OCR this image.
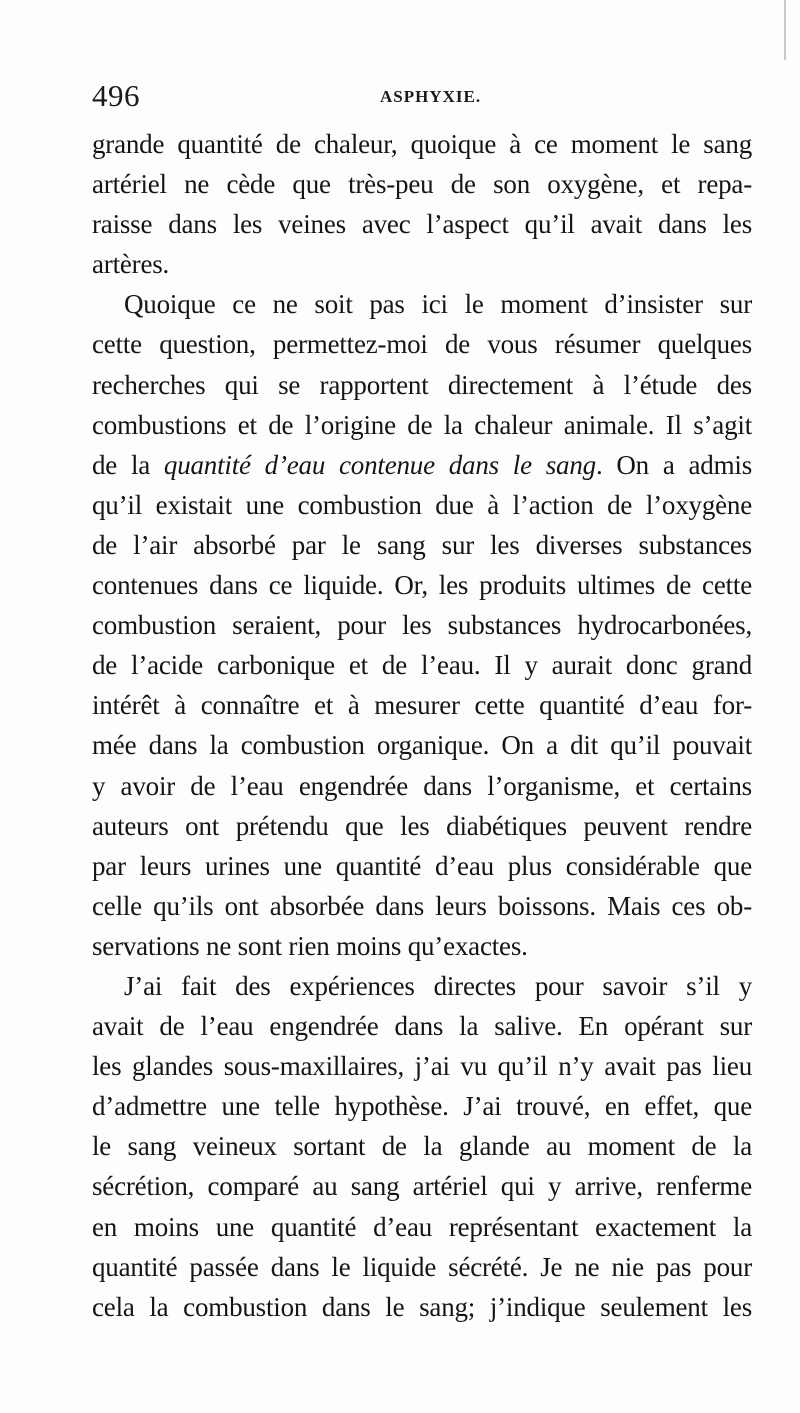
496	ASPHYXIE.
grande quantité de chaleur, quoique à ce moment le sang
artériel ne cède que très-peu de son oxygène, et repa-
raisse dans les veines avec l’aspect qu’il avait dans les
artères.
Quoique ce ne soit pas ici le moment d’insister sur
cette question, permettez-moi de vous résumer quelques
recherches qui se rapportent directement à l’étude des
combustions et de l’origine de la chaleur animale. Il s’agit
de la quantité d’eau contenue dans le sang. On a admis
qu’il existait une combustion due à l’action de l’oxygène
de l’air absorbé par le sang sur les diverses substances
contenues dans ce liquide. Or, les produits ultimes de cette
combustion seraient, pour les substances hydrocarbonées,
de l’acide carbonique et de l’eau. Il y aurait donc grand
intérêt à connaître et à mesurer cette quantité d’eau for-
mée dans la combustion organique. On a dit qu’il pouvait
y avoir de l’eau engendrée dans l’organisme, et certains
auteurs ont prétendu que les diabétiques peuvent rendre
par leurs urines une quantité d’eau plus considérable que
celle qu’ils ont absorbée dans leurs boissons. Mais ces ob-
servations ne sont rien moins qu’exactes.
J’ai fait des expériences directes pour savoir s’il y
avait de l’eau engendrée dans la salive. En opérant sur
les glandes sous-maxillaires, j’ai vu qu’il n’y avait pas lieu
d’admettre une telle hypothèse. J’ai trouvé, en effet, que
le sang veineux sortant de la glande au moment de la
sécrétion, comparé au sang artériel qui y arrive, renferme
en moins une quantité d’eau représentant exactement la
quantité passée dans le liquide sécrété. Je ne nie pas pour
cela la combustion dans le sang; j’indique seulement les
